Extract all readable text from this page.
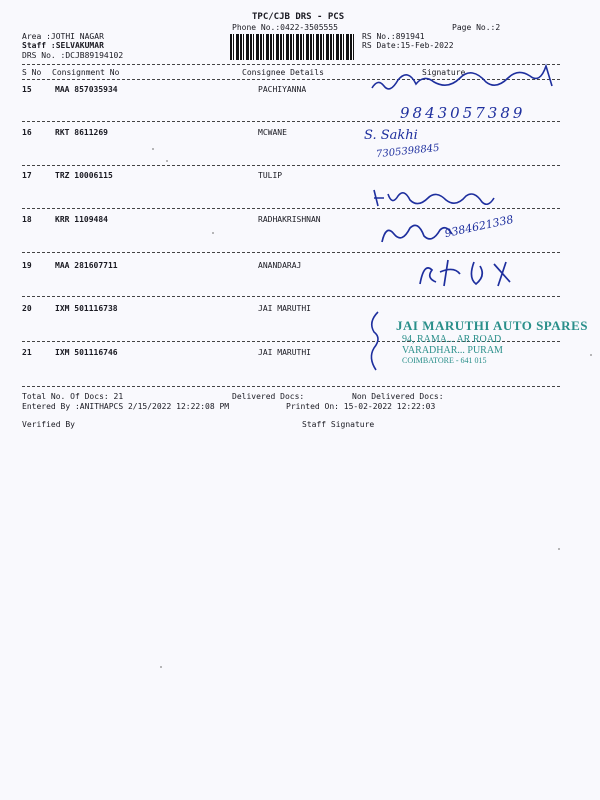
TPC/CJB DRS - PCS
Phone No.:0422-3505555	Page No.:2
Area :JOTHI NAGAR
Staff :SELVAKUMAR
DRS No. :DCJB89194102
RS No.:891941
RS Date:15-Feb-2022
S No Consignment No	Consignee Details	Signature
15	MAA 857035934	PACHIYANNA
16	RKT 8611269	MCWANE
17	TRZ 10006115	TULIP
18	KRR 1109484	RADHAKRISHNAN
19	MAA 281607711	ANANDARAJ
20	IXM 501116738	JAI MARUTHI
21	IXM 501116746	JAI MARUTHI
9843057389
S. Sakhi
7305398845
9384621338
JAI MARUTHI AUTO SPARES
94, RAMA... AR ROAD
VARADHAR... PURAM
COIMBATORE - 641 015
Total No. Of Docs: 21	Delivered Docs:	Non Delivered Docs:
Entered By :ANITHAPCS 2/15/2022 12:22:08 PM	Printed On: 15-02-2022 12:22:03
Verified By	Staff Signature
